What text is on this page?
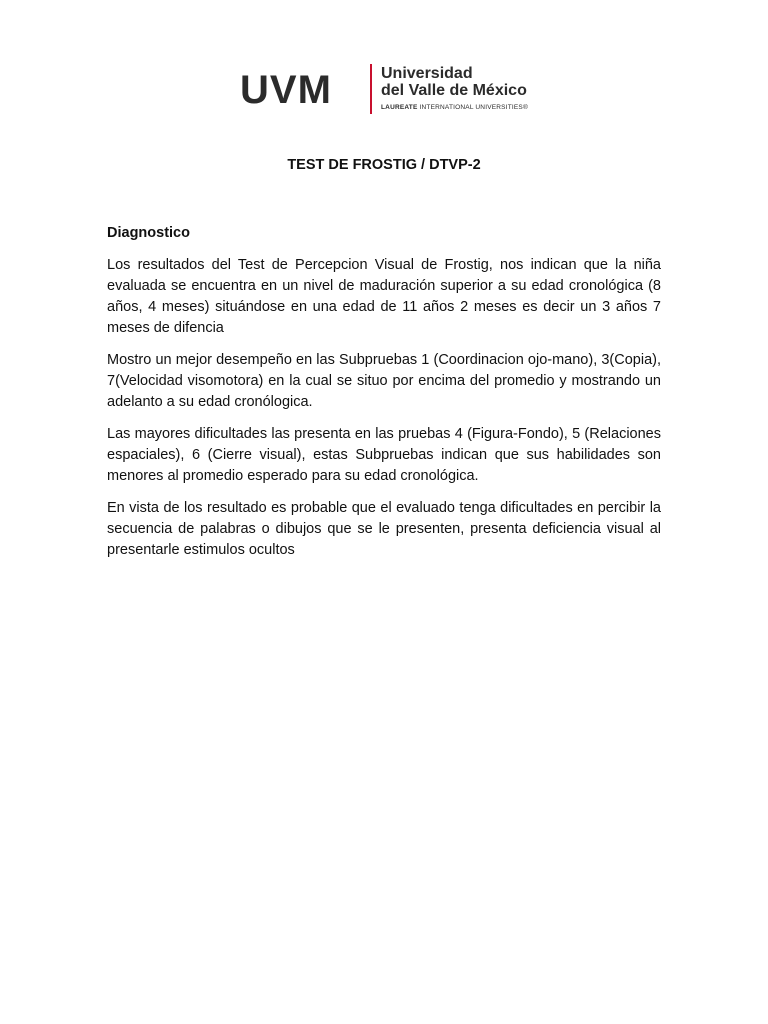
UVM	Universidad
del Valle de México
LAUREATE INTERNATIONAL UNIVERSITIES®
TEST DE FROSTIG / DTVP-2

Diagnostico

Los resultados del Test de Percepcion Visual de Frostig, nos indican que la niña evaluada se encuentra en un nivel de maduración superior a su edad cronológica (8 años, 4 meses) situándose en una edad de 11 años 2 meses es decir un 3 años 7 meses de difencia

Mostro un mejor desempeño en las Subpruebas 1 (Coordinacion ojo-mano), 3(Copia), 7(Velocidad visomotora) en la cual se situo por encima del promedio y mostrando un adelanto a su edad cronólogica.

Las mayores dificultades las presenta en las pruebas 4 (Figura-Fondo), 5 (Relaciones espaciales), 6 (Cierre visual), estas Subpruebas indican que sus habilidades son menores al promedio esperado para su edad cronológica.

En vista de los resultado es probable que el evaluado tenga dificultades en percibir la secuencia de palabras o dibujos que se le presenten, presenta deficiencia visual al presentarle estimulos ocultos
